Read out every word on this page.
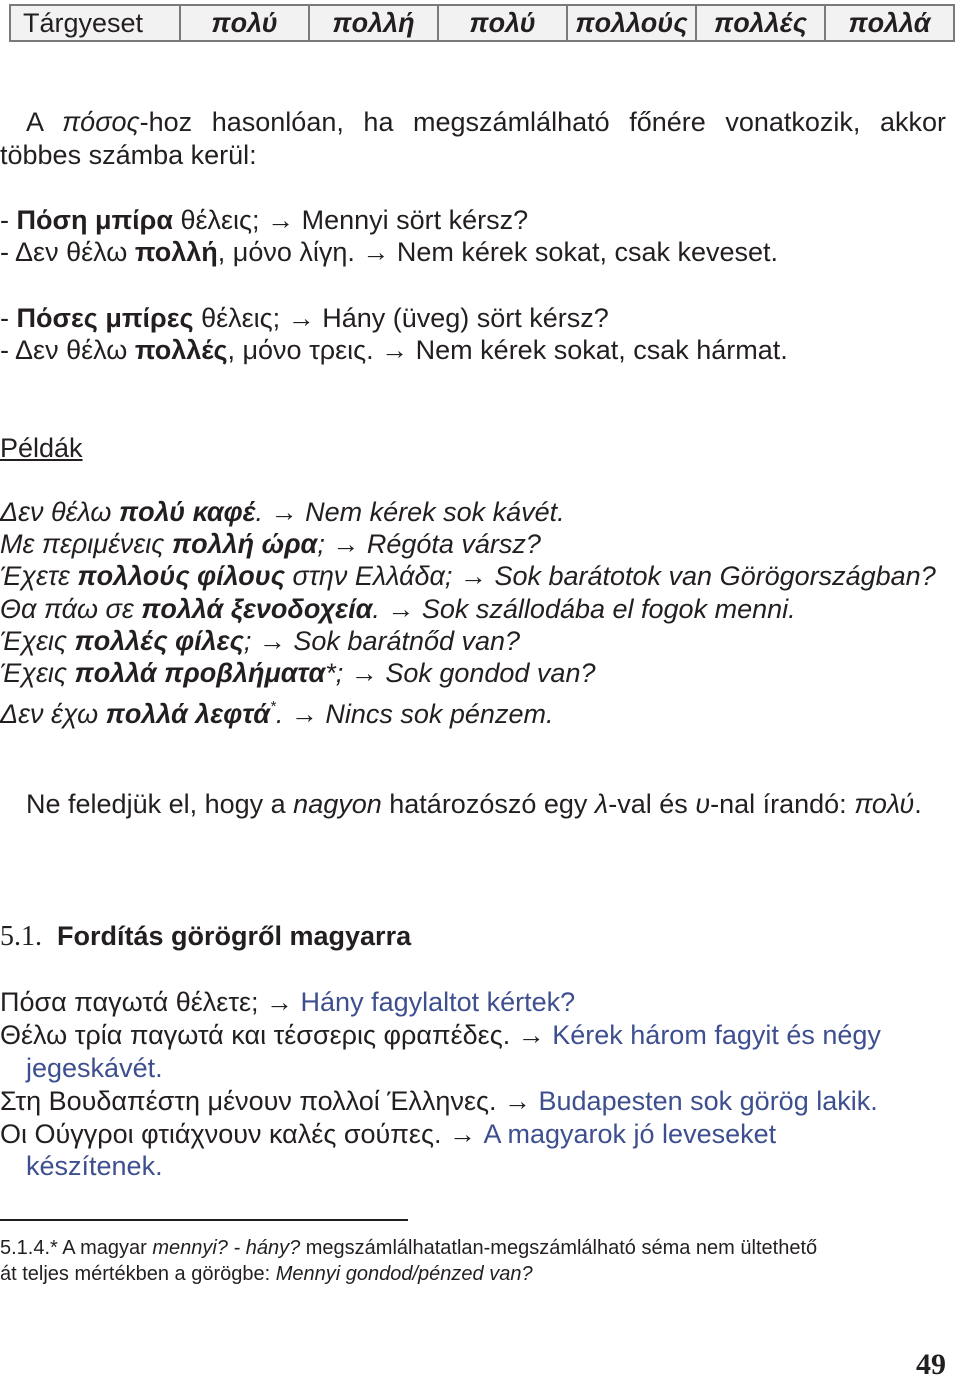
Tárgyeset	πολύ	πολλή	πολύ	πολλούς	πολλές	πολλά
A πόσος-hoz hasonlóan, ha megszámlálható főnére vonatkozik, akkor többes számba kerül:
- Πόση μπίρα θέλεις; → Mennyi sört kérsz?
- Δεν θέλω πολλή, μόνο λίγη. → Nem kérek sokat, csak keveset.
- Πόσες μπίρες θέλεις; → Hány (üveg) sört kérsz?
- Δεν θέλω πολλές, μόνο τρεις. → Nem kérek sokat, csak hármat.
Példák
Δεν θέλω πολύ καφέ. → Nem kérek sok kávét.
Με περιμένεις πολλή ώρα; → Régóta vársz?
Έχετε πολλούς φίλους στην Ελλάδα; → Sok barátotok van Görögországban?
Θα πάω σε πολλά ξενοδοχεία. → Sok szállodába el fogok menni.
Έχεις πολλές φίλες; → Sok barátnőd van?
Έχεις πολλά προβλήματα*; → Sok gondod van?
Δεν έχω πολλά λεφτά*. → Nincs sok pénzem.
Ne feledjük el, hogy a nagyon határozószó egy λ-val és υ-nal írandó: πολύ.
5.1. Fordítás görögről magyarra
Πόσα παγωτά θέλετε; → Hány fagylaltot kértek?
Θέλω τρία παγωτά και τέσσερις φραπέδες. → Kérek három fagyit és négy
jegeskávét.
Στη Βουδαπέστη μένουν πολλοί Έλληνες. → Budapesten sok görög lakik.
Οι Ούγγροι φτιάχνουν καλές σούπες. → A magyarok jó leveseket
készítenek.
5.1.4.* A magyar mennyi? - hány? megszámlálhatatlan-megszámlálható séma nem ültethető
át teljes mértékben a görögbe: Mennyi gondod/pénzed van?
49
